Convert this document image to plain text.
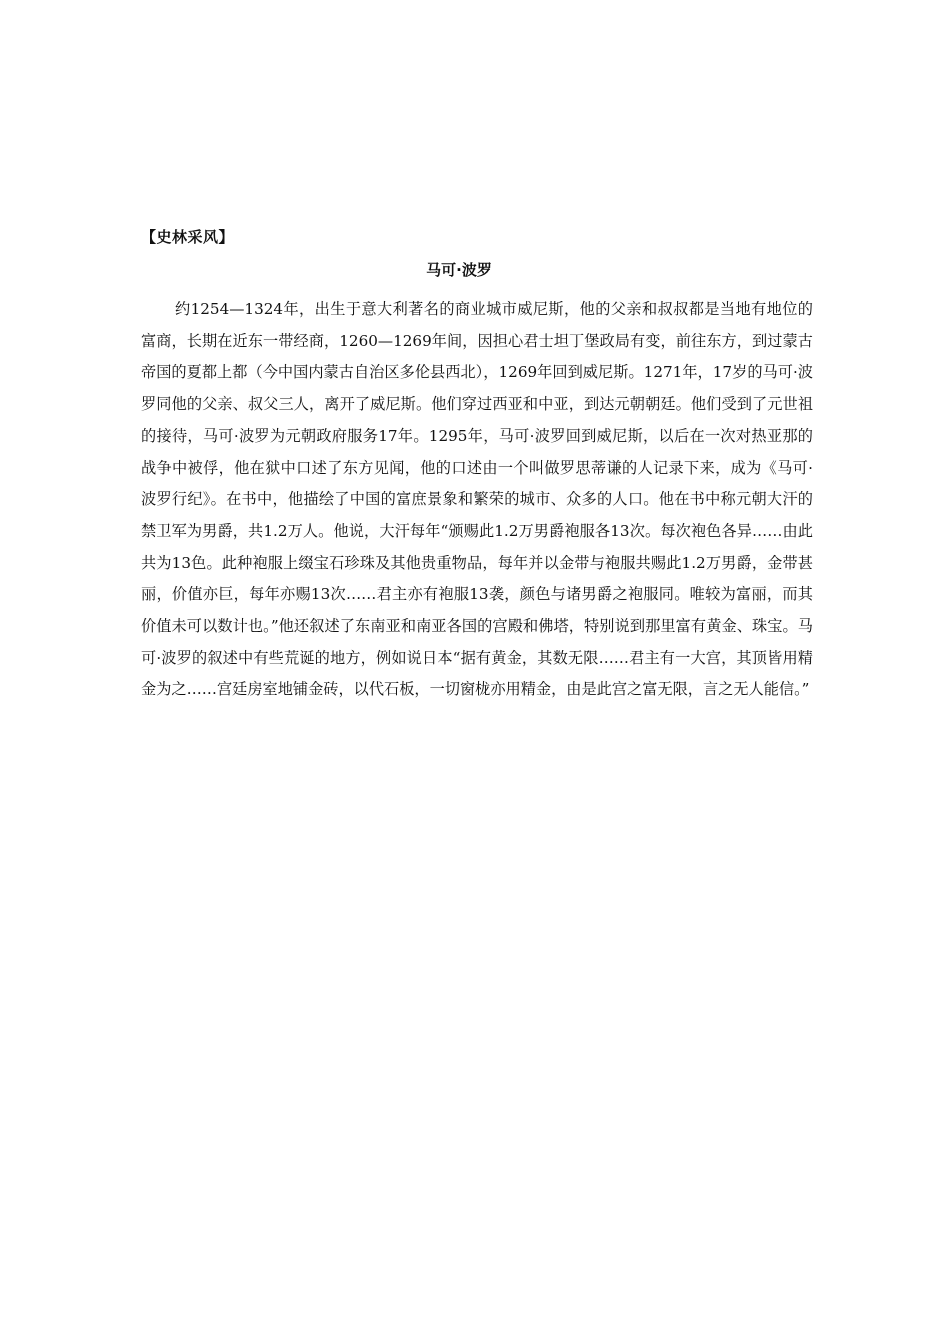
【史林采风】
马可·波罗

约1254—1324年，出生于意大利著名的商业城市威尼斯，他的父亲和叔叔都是当地有地位的富商，长期在近东一带经商，1260—1269年间，因担心君士坦丁堡政局有变，前往东方，到过蒙古帝国的夏都上都（今中国内蒙古自治区多伦县西北），1269年回到威尼斯。1271年，17岁的马可·波罗同他的父亲、叔父三人，离开了威尼斯。他们穿过西亚和中亚，到达元朝朝廷。他们受到了元世祖的接待，马可·波罗为元朝政府服务17年。1295年，马可·波罗回到威尼斯，以后在一次对热亚那的战争中被俘，他在狱中口述了东方见闻，他的口述由一个叫做罗思蒂谦的人记录下来，成为《马可·波罗行纪》。在书中，他描绘了中国的富庶景象和繁荣的城市、众多的人口。他在书中称元朝大汗的禁卫军为男爵，共1.2万人。他说，大汗每年“颁赐此1.2万男爵袍服各13次。每次袍色各异……由此共为13色。此种袍服上缀宝石珍珠及其他贵重物品，每年并以金带与袍服共赐此1.2万男爵，金带甚丽，价值亦巨，每年亦赐13次……君主亦有袍服13袭，颜色与诸男爵之袍服同。唯较为富丽，而其价值未可以数计也。”他还叙述了东南亚和南亚各国的宫殿和佛塔，特别说到那里富有黄金、珠宝。马可·波罗的叙述中有些荒诞的地方，例如说日本“据有黄金，其数无限……君主有一大宫，其顶皆用精金为之……宫廷房室地铺金砖，以代石板，一切窗栊亦用精金，由是此宫之富无限，言之无人能信。”
